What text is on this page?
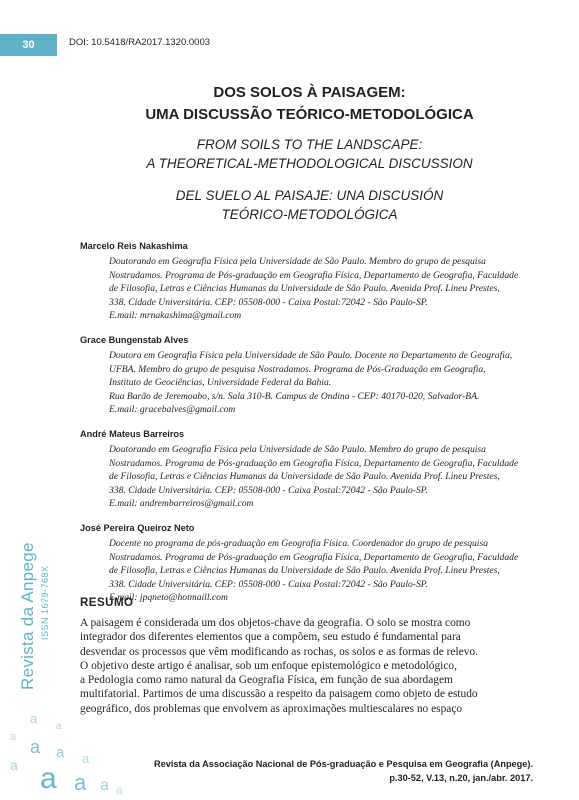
30	DOI: 10.5418/RA2017.1320.0003
DOS SOLOS À PAISAGEM:
UMA DISCUSSÃO TEÓRICO-METODOLÓGICA
FROM SOILS TO THE LANDSCAPE:
A THEORETICAL-METHODOLOGICAL DISCUSSION
DEL SUELO AL PAISAJE: UNA DISCUSIÓN
TEÓRICO-METODOLÓGICA
Marcelo Reis Nakashima
Doutorando em Geografia Física pela Universidade de São Paulo. Membro do grupo de pesquisa
Nostradamos. Programa de Pós-graduação em Geografia Física, Departamento de Geografia, Faculdade
de Filosofia, Letras e Ciências Humanas da Universidade de São Paulo. Avenida Prof. Lineu Prestes,
338. Cidade Universitária. CEP: 05508-000 - Caixa Postal:72042 - São Paulo-SP.
E.mail: mrnakashima@gmail.com
Grace Bungenstab Alves
Doutora em Geografia Física pela Universidade de São Paulo. Docente no Departamento de Geografia,
UFBA. Membro do grupo de pesquisa Nostradamos. Programa de Pós-Graduação em Geografia,
Instituto de Geociências, Universidade Federal da Bahia.
Rua Barão de Jeremoabo, s/n. Sala 310-B. Campus de Ondina - CEP: 40170-020, Salvador-BA.
E.mail: gracebalves@gmail.com
André Mateus Barreiros
Doutorando em Geografia Física pela Universidade de São Paulo. Membro do grupo de pesquisa
Nostradamos. Programa de Pós-graduação em Geografia Física, Departamento de Geografia, Faculdade
de Filosofia, Letras e Ciências Humanas da Universidade de São Paulo. Avenida Prof. Lineu Prestes,
338. Cidade Universitária. CEP: 05508-000 - Caixa Postal:72042 - São Paulo-SP.
E.mail: andrembarreiros@gmail.com
José Pereira Queiroz Neto
Docente no programa de pós-graduação em Geografia Física. Coordenador do grupo de pesquisa
Nostradamos. Programa de Pós-graduação em Geografia Física, Departamento de Geografia, Faculdade
de Filosofia, Letras e Ciências Humanas da Universidade de São Paulo. Avenida Prof. Lineu Prestes,
338. Cidade Universitária. CEP: 05508-000 - Caixa Postal:72042 - São Paulo-SP.
E.mail: jpqneto@hotmaill.com
RESUMO
A paisagem é considerada um dos objetos-chave da geografia. O solo se mostra como
integrador dos diferentes elementos que a compõem, seu estudo é fundamental para
desvendar os processos que vêm modificando as rochas, os solos e as formas de relevo.
O objetivo deste artigo é analisar, sob um enfoque epistemológico e metodológico,
a Pedologia como ramo natural da Geografia Física, em função de sua abordagem
multifatorial. Partimos de uma discussão a respeito da paisagem como objeto de estudo
geográfico, dos problemas que envolvem as aproximações multiescalares no espaço
Revista da Anpege ISSN 1679-768X
a
a
a a a a
a a a a a
Revista da Associação Nacional de Pós-graduação e Pesquisa em Geografia (Anpege).
p.30-52, V.13, n.20, jan./abr. 2017.
